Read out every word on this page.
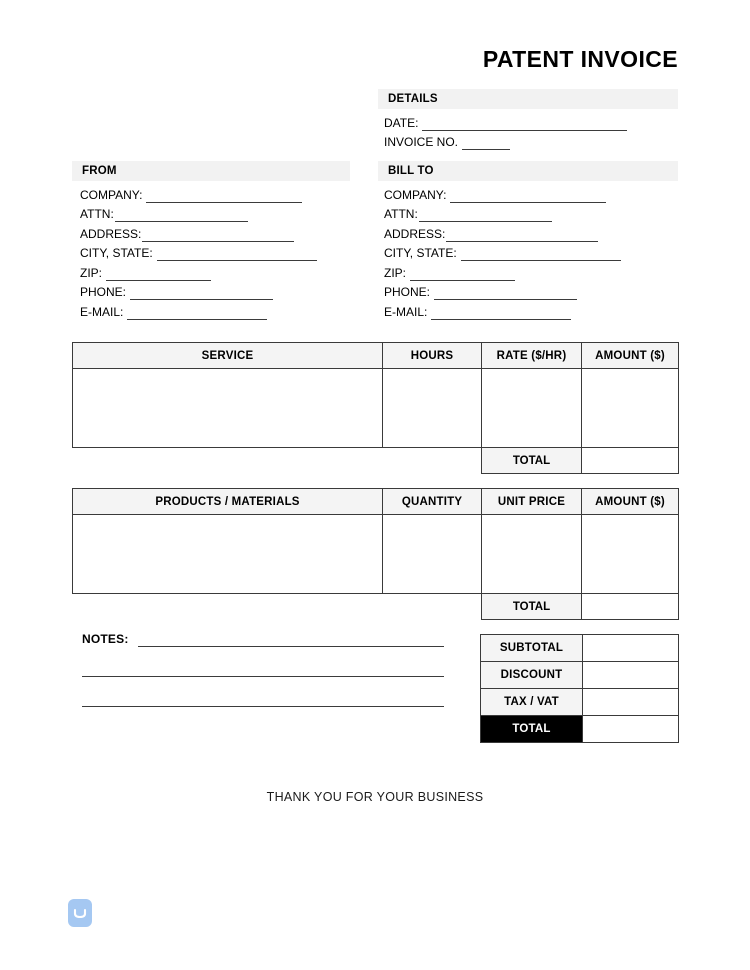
PATENT INVOICE
DETAILS
DATE:
INVOICE NO.
FROM
COMPANY:
ATTN:
ADDRESS:
CITY, STATE:
ZIP:
PHONE:
E-MAIL:
BILL TO
COMPANY:
ATTN:
ADDRESS:
CITY, STATE:
ZIP:
PHONE:
E-MAIL:
SERVICE	HOURS	RATE ($/HR)	AMOUNT ($)

		TOTAL	
PRODUCTS / MATERIALS	QUANTITY	UNIT PRICE	AMOUNT ($)

		TOTAL	
NOTES:
SUBTOTAL	
DISCOUNT	
TAX / VAT	
TOTAL	
THANK YOU FOR YOUR BUSINESS
